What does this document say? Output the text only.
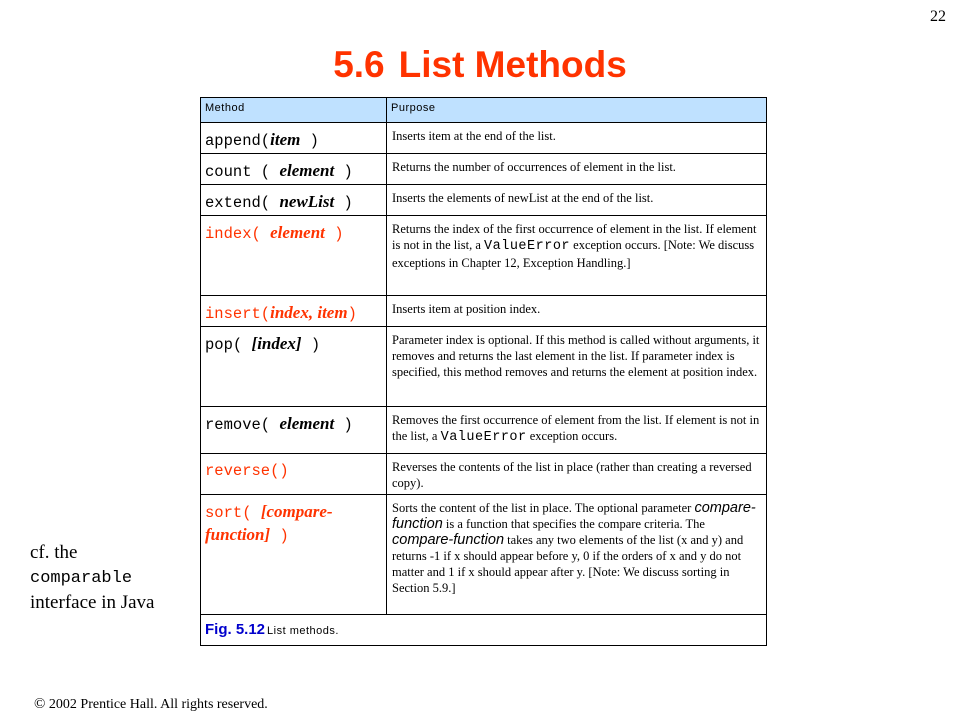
22
5.6 List Methods
Method	Purpose
append(item )	Inserts item at the end of the list.
count ( element )	Returns the number of occurrences of element in the list.
extend( newList )	Inserts the elements of newList at the end of the list.
index( element )	Returns the index of the first occurrence of element in the list. If element is not in the list, a ValueError exception occurs. [Note: We discuss exceptions in Chapter 12, Exception Handling.]
insert(index, item)	Inserts item at position index.
pop( [index] )	Parameter index is optional. If this method is called without arguments, it removes and returns the last element in the list. If parameter index is specified, this method removes and returns the element at position index.
remove( element )	Removes the first occurrence of element from the list. If element is not in the list, a ValueError exception occurs.
reverse()	Reverses the contents of the list in place (rather than creating a reversed copy).
sort( [compare-
function] )	Sorts the content of the list in place. The optional parameter compare-function is a function that specifies the compare criteria. The compare-function takes any two elements of the list (x and y) and returns -1 if x should appear before y, 0 if the orders of x and y do not matter and 1 if x should appear after y. [Note: We discuss sorting in Section 5.9.]
Fig. 5.12 List methods.	
cf. the
comparable
interface in Java
© 2002 Prentice Hall. All rights reserved.
